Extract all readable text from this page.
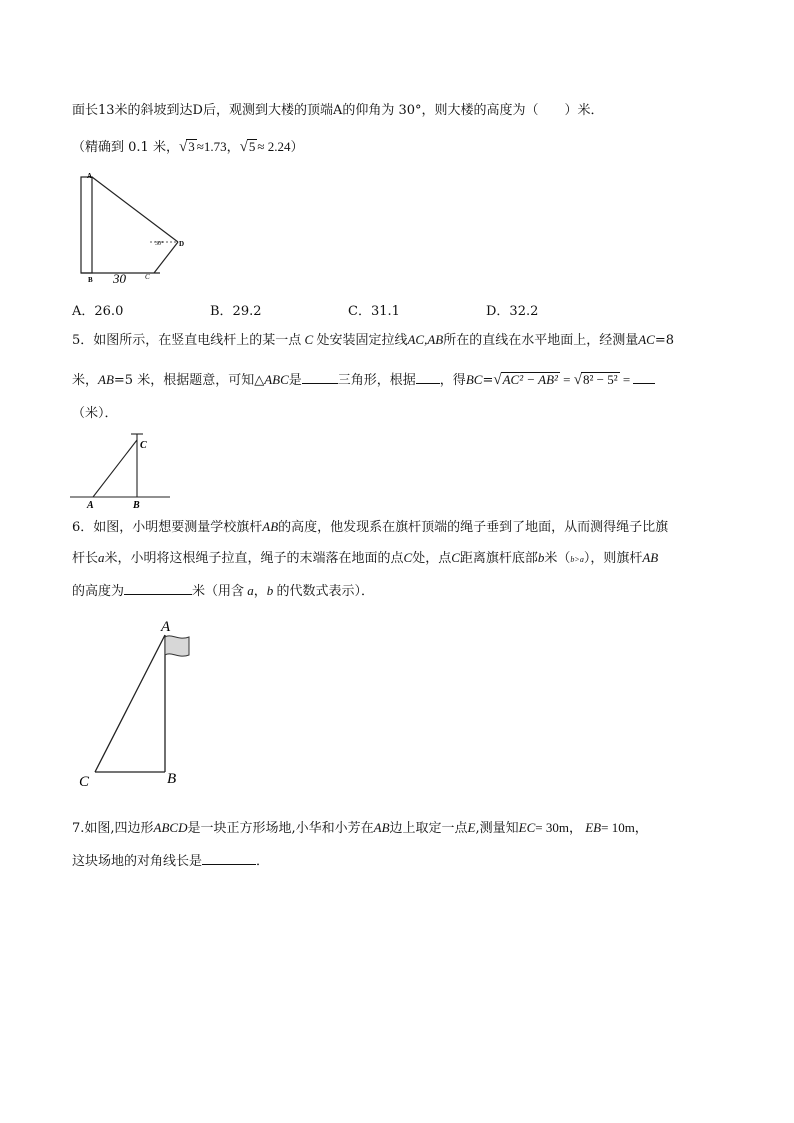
面长13米的斜坡到达D后，观测到大楼的顶端A的仰角为 30°，则大楼的高度为（　　）米．
（精确到 0.1 米，√3 ≈1.73，√5 ≈ 2.24）
A
B	C
D
30°
30
A．26.0	B．29.2	C．31.1	D．32.2
5．如图所示，在竖直电线杆上的某一点 C 处安装固定拉线AC,AB所在的直线在水平地面上，经测量AC=8
米，AB=5 米，根据题意，可知△ABC是	三角形，根据 ，得BC=√AC² − AB² = √8² − 5² =
（米）．
C
A	B
6．如图，小明想要测量学校旗杆AB的高度，他发现系在旗杆顶端的绳子垂到了地面，从而测得绳子比旗
杆长a米，小明将这根绳子拉直，绳子的末端落在地面的点C处，点C距离旗杆底部b米（b>a），则旗杆AB
的高度为	米（用含 a，b 的代数式表示）．
A
C	B
7.如图,四边形ABCD是一块正方形场地,小华和小芳在AB边上取定一点E,测量知EC= 30m， EB= 10m，
这块场地的对角线长是	．
